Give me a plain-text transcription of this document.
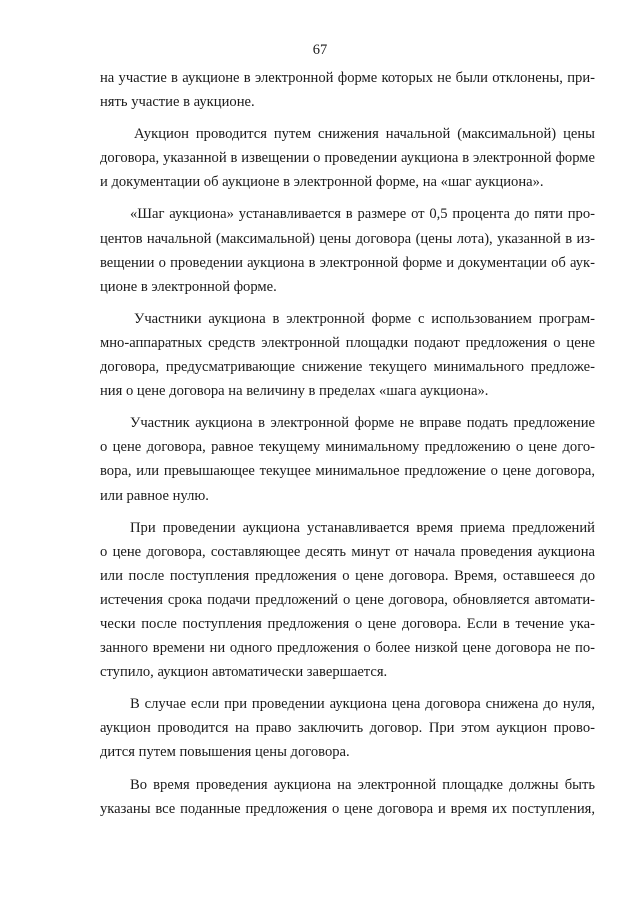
67

на участие в аукционе в электронной форме которых не были отклонены, при-
нять участие в аукционе.

Аукцион проводится путем снижения начальной (максимальной) цены
договора, указанной в извещении о проведении аукциона в электронной форме
и документации об аукционе в электронной форме, на «шаг аукциона».

«Шаг аукциона» устанавливается в размере от 0,5 процента до пяти про-
центов начальной (максимальной) цены договора (цены лота), указанной в из-
вещении о проведении аукциона в электронной форме и документации об аук-
ционе в электронной форме.

Участники аукциона в электронной форме с использованием програм-
мно-аппаратных средств электронной площадки подают предложения о цене
договора, предусматривающие снижение текущего минимального предложе-
ния о цене договора на величину в пределах «шага аукциона».

Участник аукциона в электронной форме не вправе подать предложение
о цене договора, равное текущему минимальному предложению о цене дого-
вора, или превышающее текущее минимальное предложение о цене договора,
или равное нулю.

При проведении аукциона устанавливается время приема предложений
о цене договора, составляющее десять минут от начала проведения аукциона
или после поступления предложения о цене договора. Время, оставшееся до
истечения срока подачи предложений о цене договора, обновляется автомати-
чески после поступления предложения о цене договора. Если в течение ука-
занного времени ни одного предложения о более низкой цене договора не по-
ступило, аукцион автоматически завершается.

В случае если при проведении аукциона цена договора снижена до нуля,
аукцион проводится на право заключить договор. При этом аукцион прово-
дится путем повышения цены договора.

Во время проведения аукциона на электронной площадке должны быть
указаны все поданные предложения о цене договора и время их поступления,
